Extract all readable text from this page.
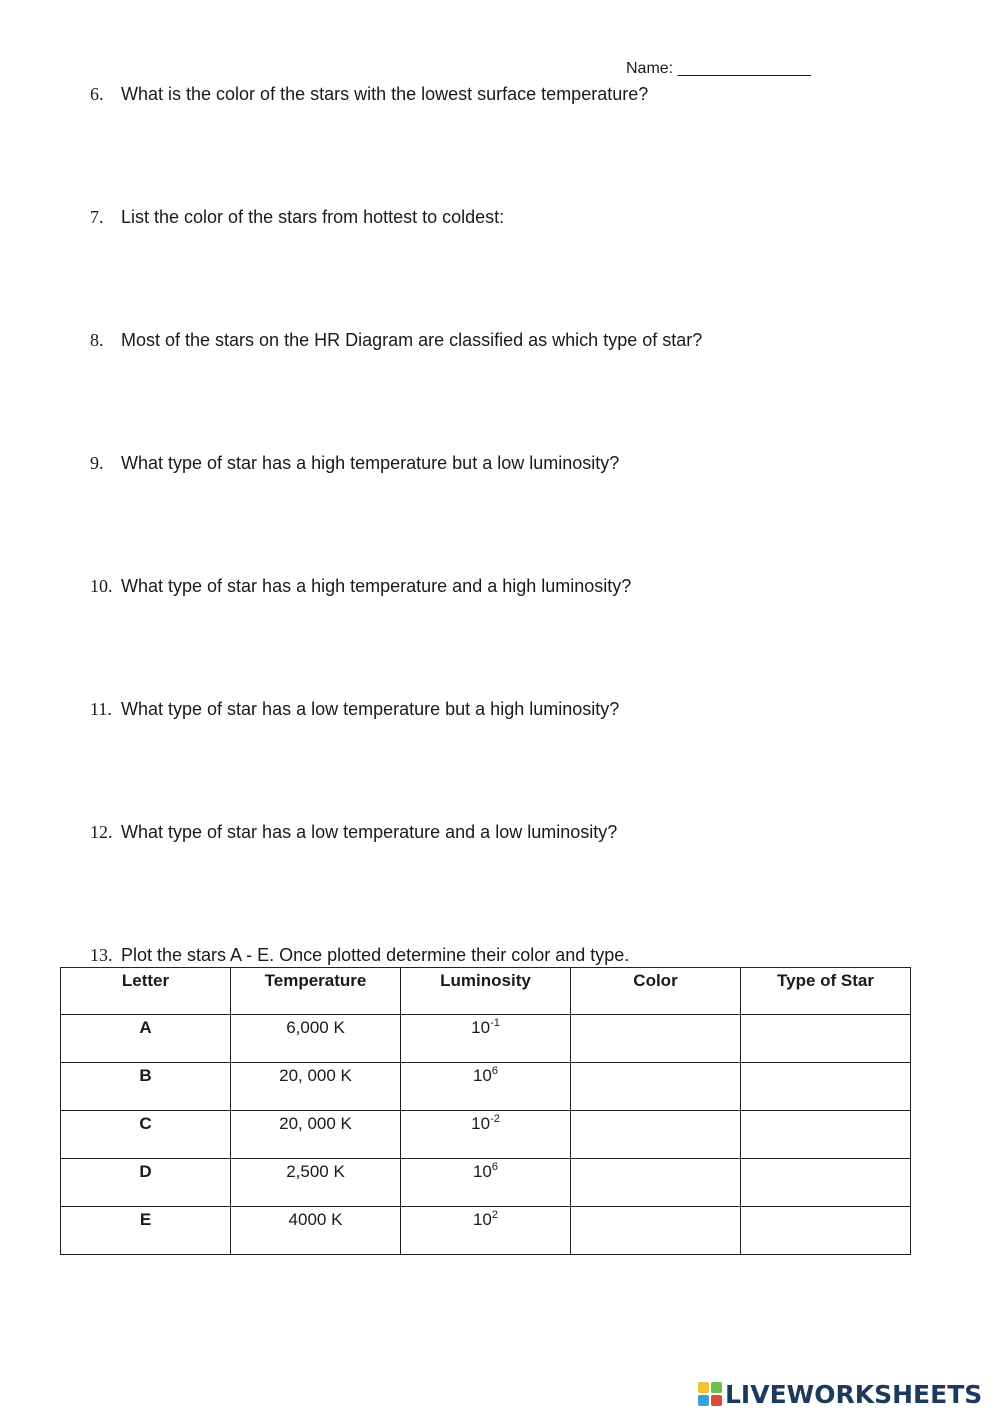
Name: _______________
6. What is the color of the stars with the lowest surface temperature?
7. List the color of the stars from hottest to coldest:
8. Most of the stars on the HR Diagram are classified as which type of star?
9. What type of star has a high temperature but a low luminosity?
10. What type of star has a high temperature and a high luminosity?
11. What type of star has a low temperature but a high luminosity?
12. What type of star has a low temperature and a low luminosity?
13. Plot the stars A - E. Once plotted determine their color and type.
Letter	Temperature	Luminosity	Color	Type of Star
A	6,000 K	$10^{-1}$		
B	20, 000 K	$10^6$		
C	20, 000 K	$10^{-2}$		
D	2,500 K	$10^6$		
E	4000 K	$10^2$		
LIVEWORKSHEETS
